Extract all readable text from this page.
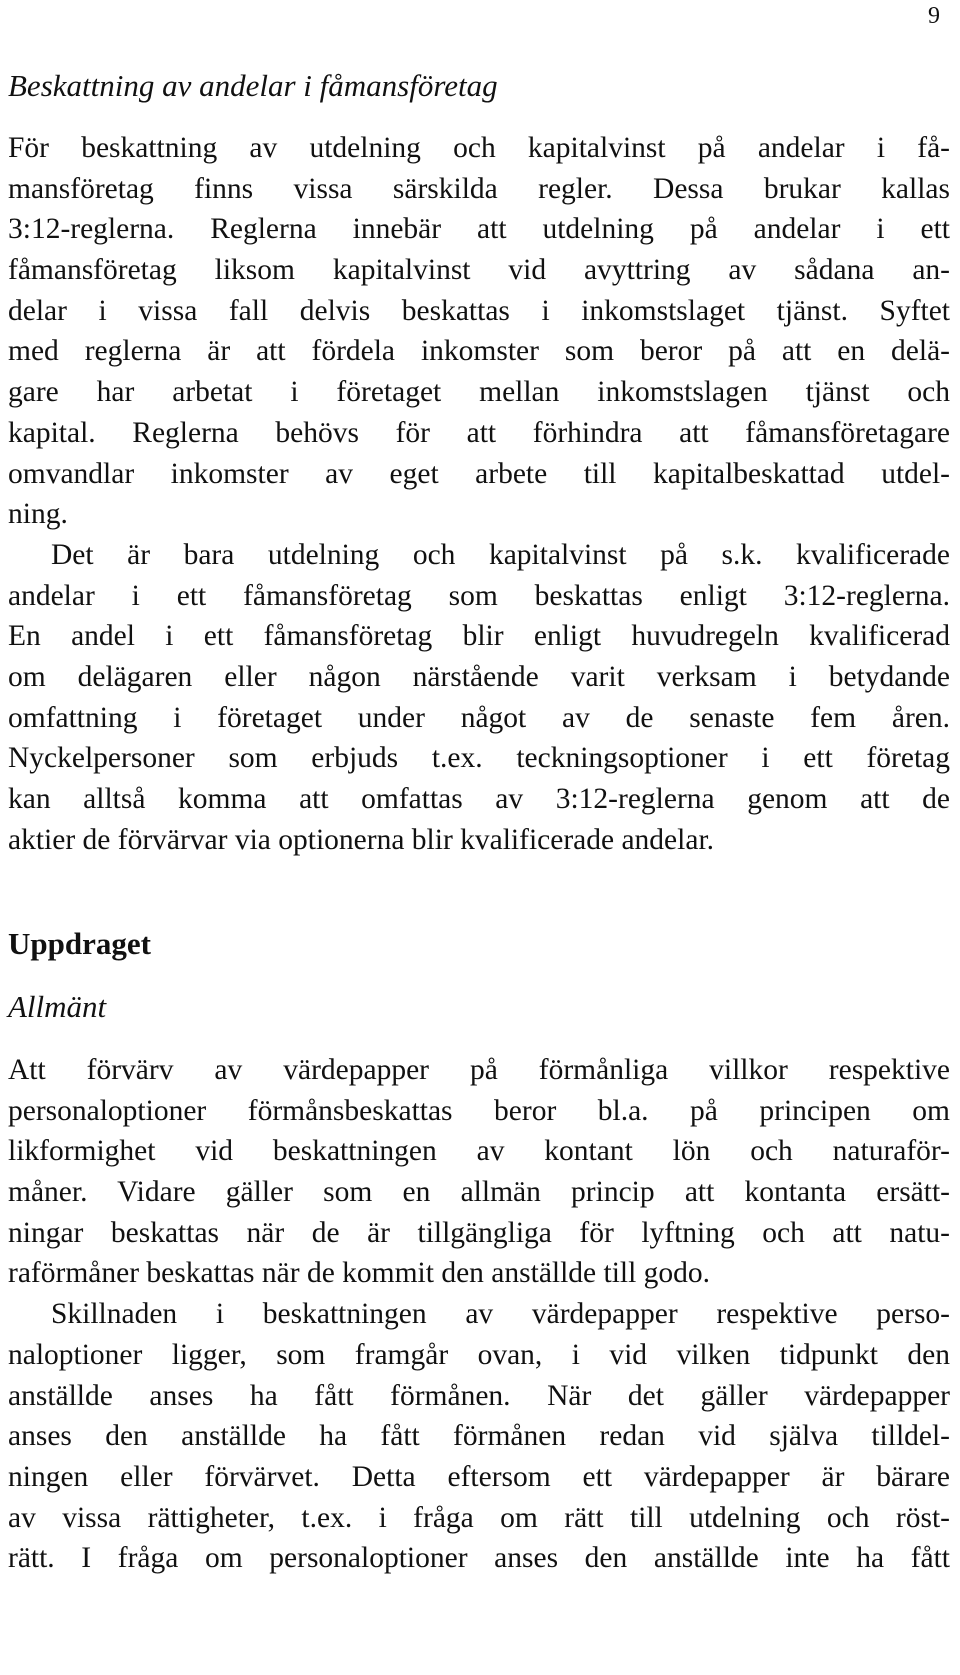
9
Beskattning av andelar i fåmansföretag
För beskattning av utdelning och kapitalvinst på andelar i få-
mansföretag finns vissa särskilda regler. Dessa brukar kallas
3:12-reglerna. Reglerna innebär att utdelning på andelar i ett
fåmansföretag liksom kapitalvinst vid avyttring av sådana an-
delar i vissa fall delvis beskattas i inkomstslaget tjänst. Syftet
med reglerna är att fördela inkomster som beror på att en delä-
gare har arbetat i företaget mellan inkomstslagen tjänst och
kapital. Reglerna behövs för att förhindra att fåmansföretagare
omvandlar inkomster av eget arbete till kapitalbeskattad utdel-
ning.
Det är bara utdelning och kapitalvinst på s.k. kvalificerade
andelar i ett fåmansföretag som beskattas enligt 3:12-reglerna.
En andel i ett fåmansföretag blir enligt huvudregeln kvalificerad
om delägaren eller någon närstående varit verksam i betydande
omfattning i företaget under något av de senaste fem åren.
Nyckelpersoner som erbjuds t.ex. teckningsoptioner i ett företag
kan alltså komma att omfattas av 3:12-reglerna genom att de
aktier de förvärvar via optionerna blir kvalificerade andelar.
Uppdraget
Allmänt
Att förvärv av värdepapper på förmånliga villkor respektive
personaloptioner förmånsbeskattas beror bl.a. på principen om
likformighet vid beskattningen av kontant lön och naturaför-
måner. Vidare gäller som en allmän princip att kontanta ersätt-
ningar beskattas när de är tillgängliga för lyftning och att natu-
raförmåner beskattas när de kommit den anställde till godo.
Skillnaden i beskattningen av värdepapper respektive perso-
naloptioner ligger, som framgår ovan, i vid vilken tidpunkt den
anställde anses ha fått förmånen. När det gäller värdepapper
anses den anställde ha fått förmånen redan vid själva tilldel-
ningen eller förvärvet. Detta eftersom ett värdepapper är bärare
av vissa rättigheter, t.ex. i fråga om rätt till utdelning och röst-
rätt. I fråga om personaloptioner anses den anställde inte ha fått
